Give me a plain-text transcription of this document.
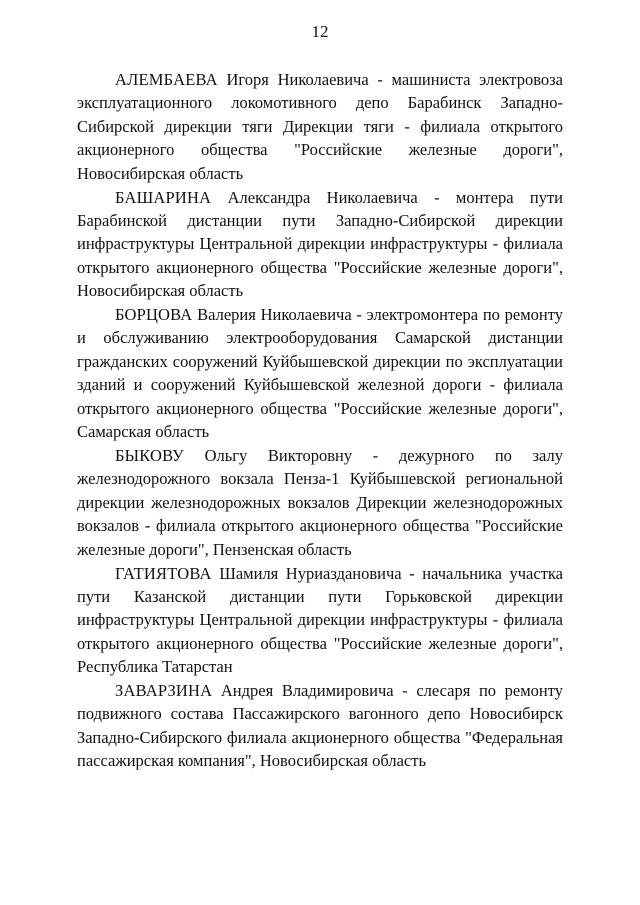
12

АЛЕМБАЕВА Игоря Николаевича - машиниста электровоза эксплуатационного локомотивного депо Барабинск Западно-Сибирской дирекции тяги Дирекции тяги - филиала открытого акционерного общества "Российские железные дороги", Новосибирская область

БАШАРИНА Александра Николаевича - монтера пути Барабинской дистанции пути Западно-Сибирской дирекции инфраструктуры Центральной дирекции инфраструктуры - филиала открытого акционерного общества "Российские железные дороги", Новосибирская область

БОРЦОВА Валерия Николаевича - электромонтера по ремонту и обслуживанию электрооборудования Самарской дистанции гражданских сооружений Куйбышевской дирекции по эксплуатации зданий и сооружений Куйбышевской железной дороги - филиала открытого акционерного общества "Российские железные дороги", Самарская область

БЫКОВУ Ольгу Викторовну - дежурного по залу железнодорожного вокзала Пенза-1 Куйбышевской региональной дирекции железнодорожных вокзалов Дирекции железнодорожных вокзалов - филиала открытого акционерного общества "Российские железные дороги", Пензенская область

ГАТИЯТОВА Шамиля Нуриаздановича - начальника участка пути Казанской дистанции пути Горьковской дирекции инфраструктуры Центральной дирекции инфраструктуры - филиала открытого акционерного общества "Российские железные дороги", Республика Татарстан

ЗАВАРЗИНА Андрея Владимировича - слесаря по ремонту подвижного состава Пассажирского вагонного депо Новосибирск Западно-Сибирского филиала акционерного общества "Федеральная пассажирская компания", Новосибирская область
